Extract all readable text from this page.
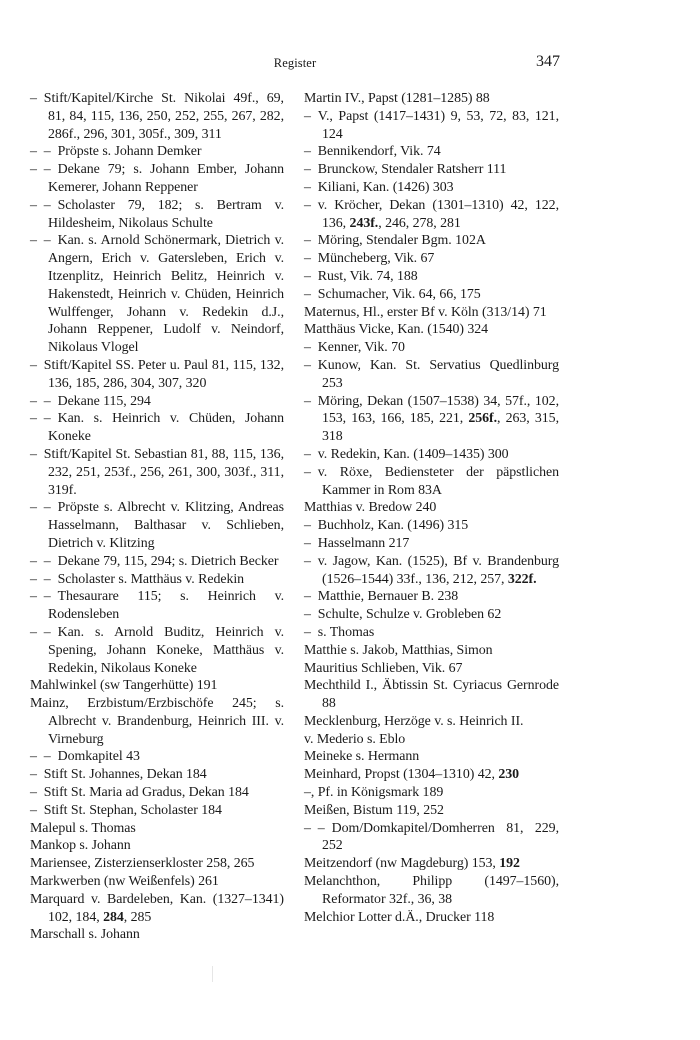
Register	347
– Stift/Kapitel/Kirche St. Nikolai 49f., 69, 81, 84, 115, 136, 250, 252, 255, 267, 282, 286f., 296, 301, 305f., 309, 311
– – Pröpste s. Johann Demker
– – Dekane 79; s. Johann Ember, Johann Kemerer, Johann Reppener
– – Scholaster 79, 182; s. Bertram v. Hildesheim, Nikolaus Schulte
– – Kan. s. Arnold Schönermark, Dietrich v. Angern, Erich v. Gatersleben, Erich v. Itzenplitz, Heinrich Belitz, Heinrich v. Hakenstedt, Heinrich v. Chüden, Heinrich Wulffenger, Johann v. Redekin d.J., Johann Reppener, Ludolf v. Neindorf, Nikolaus Vlogel
– Stift/Kapitel SS. Peter u. Paul 81, 115, 132, 136, 185, 286, 304, 307, 320
– – Dekane 115, 294
– – Kan. s. Heinrich v. Chüden, Johann Koneke
– Stift/Kapitel St. Sebastian 81, 88, 115, 136, 232, 251, 253f., 256, 261, 300, 303f., 311, 319f.
– – Pröpste s. Albrecht v. Klitzing, Andreas Hasselmann, Balthasar v. Schlieben, Dietrich v. Klitzing
– – Dekane 79, 115, 294; s. Dietrich Becker
– – Scholaster s. Matthäus v. Redekin
– – Thesaurare 115; s. Heinrich v. Rodensleben
– – Kan. s. Arnold Buditz, Heinrich v. Spening, Johann Koneke, Matthäus v. Redekin, Nikolaus Koneke
Mahlwinkel (sw Tangerhütte) 191
Mainz, Erzbistum/Erzbischöfe 245; s. Albrecht v. Brandenburg, Heinrich III. v. Virneburg
– – Domkapitel 43
– Stift St. Johannes, Dekan 184
– Stift St. Maria ad Gradus, Dekan 184
– Stift St. Stephan, Scholaster 184
Malepul s. Thomas
Mankop s. Johann
Mariensee, Zisterzienserkloster 258, 265
Markwerben (nw Weißenfels) 261
Marquard v. Bardeleben, Kan. (1327–1341) 102, 184, 284, 285
Marschall s. Johann
Martin IV., Papst (1281–1285) 88
– V., Papst (1417–1431) 9, 53, 72, 83, 121, 124
– Bennikendorf, Vik. 74
– Brunckow, Stendaler Ratsherr 111
– Kiliani, Kan. (1426) 303
– v. Kröcher, Dekan (1301–1310) 42, 122, 136, 243f., 246, 278, 281
– Möring, Stendaler Bgm. 102A
– Müncheberg, Vik. 67
– Rust, Vik. 74, 188
– Schumacher, Vik. 64, 66, 175
Maternus, Hl., erster Bf v. Köln (313/14) 71
Matthäus Vicke, Kan. (1540) 324
– Kenner, Vik. 70
– Kunow, Kan. St. Servatius Quedlinburg 253
– Möring, Dekan (1507–1538) 34, 57f., 102, 153, 163, 166, 185, 221, 256f., 263, 315, 318
– v. Redekin, Kan. (1409–1435) 300
– v. Röxe, Bediensteter der päpstlichen Kammer in Rom 83A
Matthias v. Bredow 240
– Buchholz, Kan. (1496) 315
– Hasselmann 217
– v. Jagow, Kan. (1525), Bf v. Brandenburg (1526–1544) 33f., 136, 212, 257, 322f.
– Matthie, Bernauer B. 238
– Schulte, Schulze v. Grobleben 62
– s. Thomas
Matthie s. Jakob, Matthias, Simon
Mauritius Schlieben, Vik. 67
Mechthild I., Äbtissin St. Cyriacus Gernrode 88
Mecklenburg, Herzöge v. s. Heinrich II.
v. Mederio s. Eblo
Meineke s. Hermann
Meinhard, Propst (1304–1310) 42, 230
–, Pf. in Königsmark 189
Meißen, Bistum 119, 252
– – Dom/Domkapitel/Domherren 81, 229, 252
Meitzendorf (nw Magdeburg) 153, 192
Melanchthon, Philipp (1497–1560), Reformator 32f., 36, 38
Melchior Lotter d.Ä., Drucker 118
